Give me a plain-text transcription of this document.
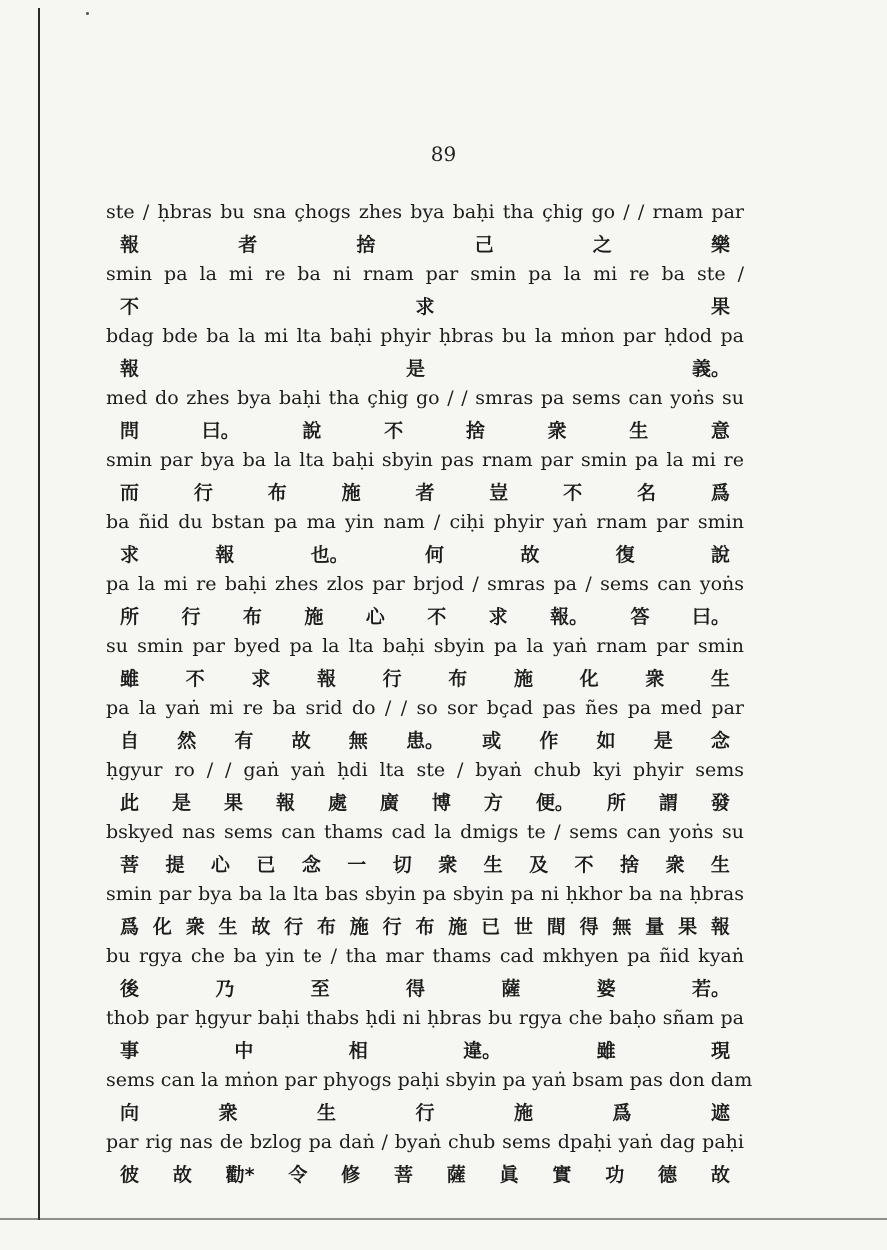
89
ste / ḥbras bu sna çhogs zhes bya baḥi tha çhig go / / rnam par
報	者	捨	己	之	樂
smin pa la mi re ba ni rnam par smin pa la mi re ba ste /
不	求	果
bdag bde ba la mi lta baḥi phyir ḥbras bu la mṅon par ḥdod pa
報	是	義。
med do zhes bya baḥi tha çhig go / / smras pa sems can yoṅs su
問	曰。	說	不	捨	衆	生	意
smin par bya ba la lta baḥi sbyin pas rnam par smin pa la mi re
而	行	布	施	者	豈	不	名	爲
ba ñid du bstan pa ma yin nam / ciḥi phyir yaṅ rnam par smin
求	報	也。	何	故	復	說
pa la mi re baḥi zhes zlos par brjod / smras pa / sems can yoṅs
所 行 布 施 心 不 求 報。 答 曰。
su smin par byed pa la lta baḥi sbyin pa la yaṅ rnam par smin
雖 不 求 報 行 布 施 化 衆 生
pa la yaṅ mi re ba srid do / / so sor bçad pas ñes pa med par
自 然 有 故 無 患。 或 作 如 是 念
ḥgyur ro / / gaṅ yaṅ ḥdi lta ste / byaṅ chub kyi phyir sems
此 是 果 報 處 廣 博 方 便。 所 謂 發
bskyed nas sems can thams cad la dmigs te / sems can yoṅs su
菩 提 心 已 念 一 切 衆 生 及 不 捨 衆 生
smin par bya ba la lta bas sbyin pa sbyin pa ni ḥkhor ba na ḥbras
爲 化 衆 生 故 行 布 施 行 布 施 已 世 間 得 無 量 果 報
bu rgya che ba yin te / tha mar thams cad mkhyen pa ñid kyaṅ
後	乃	至	得	薩	婆	若。
thob par ḥgyur baḥi thabs ḥdi ni ḥbras bu rgya che baḥo sñam pa
事	中	相	違。	雖	現
sems can la mṅon par phyogs paḥi sbyin pa yaṅ bsam pas don dam
向	衆	生	行	施	爲	遮
par rig nas de bzlog pa daṅ / byaṅ chub sems dpaḥi yaṅ dag paḥi
彼 故 勸* 令 修 菩 薩 眞 實 功 德 故
